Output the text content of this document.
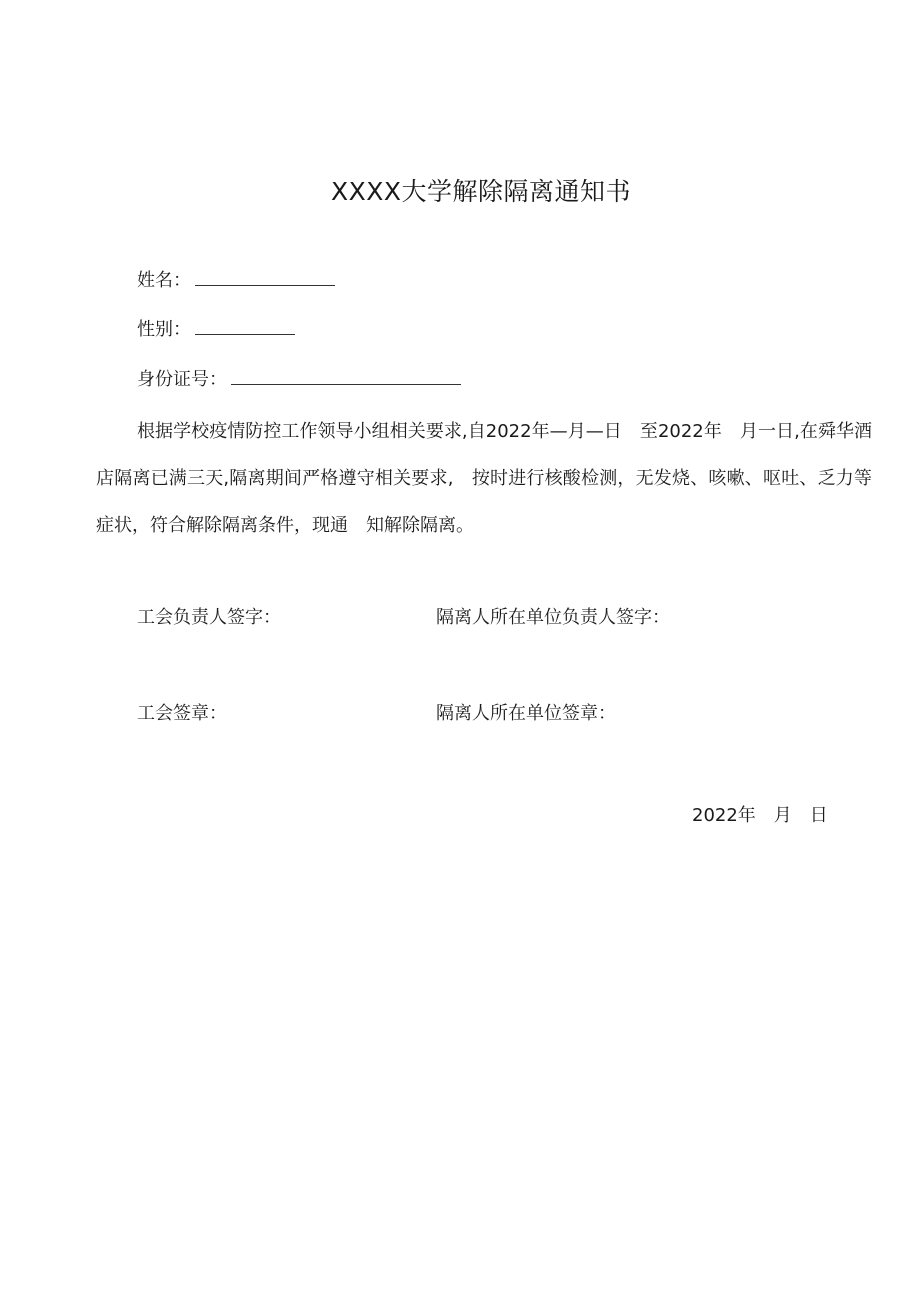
XXXX大学解除隔离通知书
姓名：
性别：
身份证号：
根据学校疫情防控工作领导小组相关要求,自2022年—月—日　至2022年　月一日,在舜华酒店隔离已满三天,隔离期间严格遵守相关要求,　按时进行核酸检测，无发烧、咳嗽、呕吐、乏力等症状，符合解除隔离条件，现通　知解除隔离。
工会负责人签字：	隔离人所在单位负责人签字：
工会签章：	隔离人所在单位签章：
2022年　月　日
